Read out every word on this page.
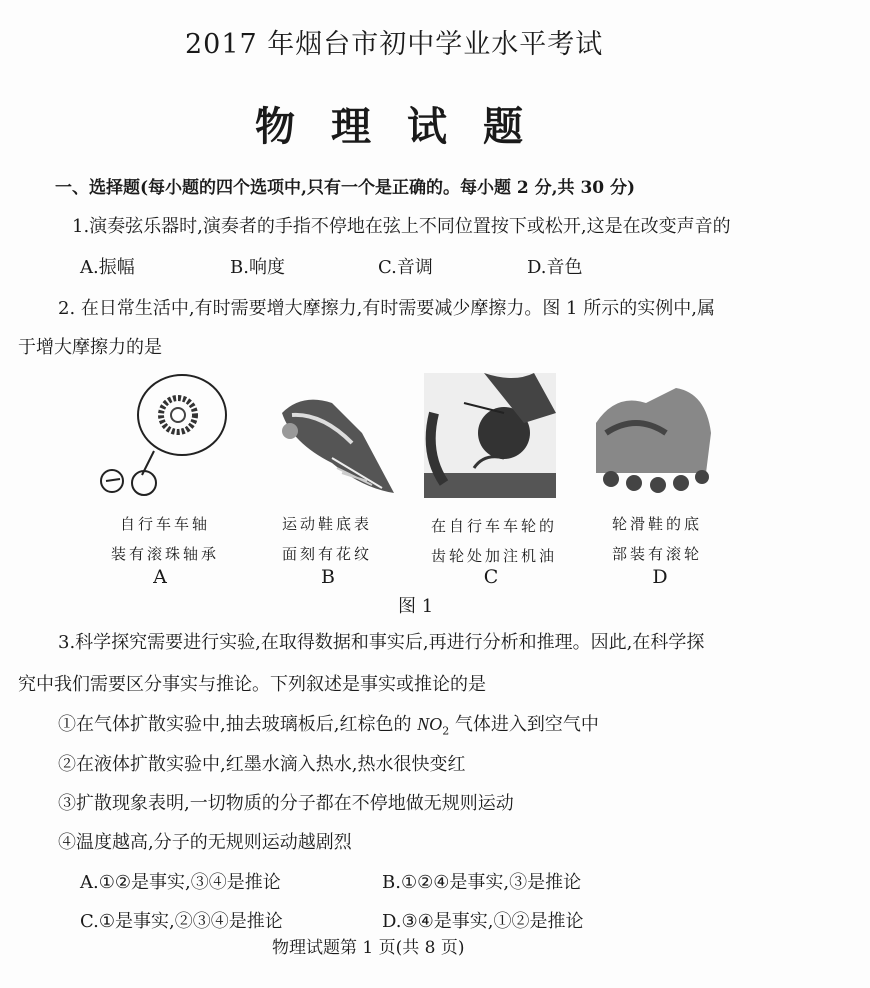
2017 年烟台市初中学业水平考试
物理试题
一、选择题(每小题的四个选项中,只有一个是正确的。每小题 2 分,共 30 分)
1.演奏弦乐器时,演奏者的手指不停地在弦上不同位置按下或松开,这是在改变声音的
A.振幅	B.响度	C.音调	D.音色
2. 在日常生活中,有时需要增大摩擦力,有时需要减少摩擦力。图 1 所示的实例中,属
于增大摩擦力的是
自行车车轴
装有滚珠轴承
A
运动鞋底表
面刻有花纹
B
在自行车车轮的
齿轮处加注机油
C
轮滑鞋的底
部装有滚轮
D
图 1
3.科学探究需要进行实验,在取得数据和事实后,再进行分析和推理。因此,在科学探
究中我们需要区分事实与推论。下列叙述是事实或推论的是
①在气体扩散实验中,抽去玻璃板后,红棕色的 $NO_2$ 气体进入到空气中
②在液体扩散实验中,红墨水滴入热水,热水很快变红
③扩散现象表明,一切物质的分子都在不停地做无规则运动
④温度越高,分子的无规则运动越剧烈
A.①②是事实,③④是推论	B.①②④是事实,③是推论
C.①是事实,②③④是推论	D.③④是事实,①②是推论
物理试题第 1 页(共 8 页)
